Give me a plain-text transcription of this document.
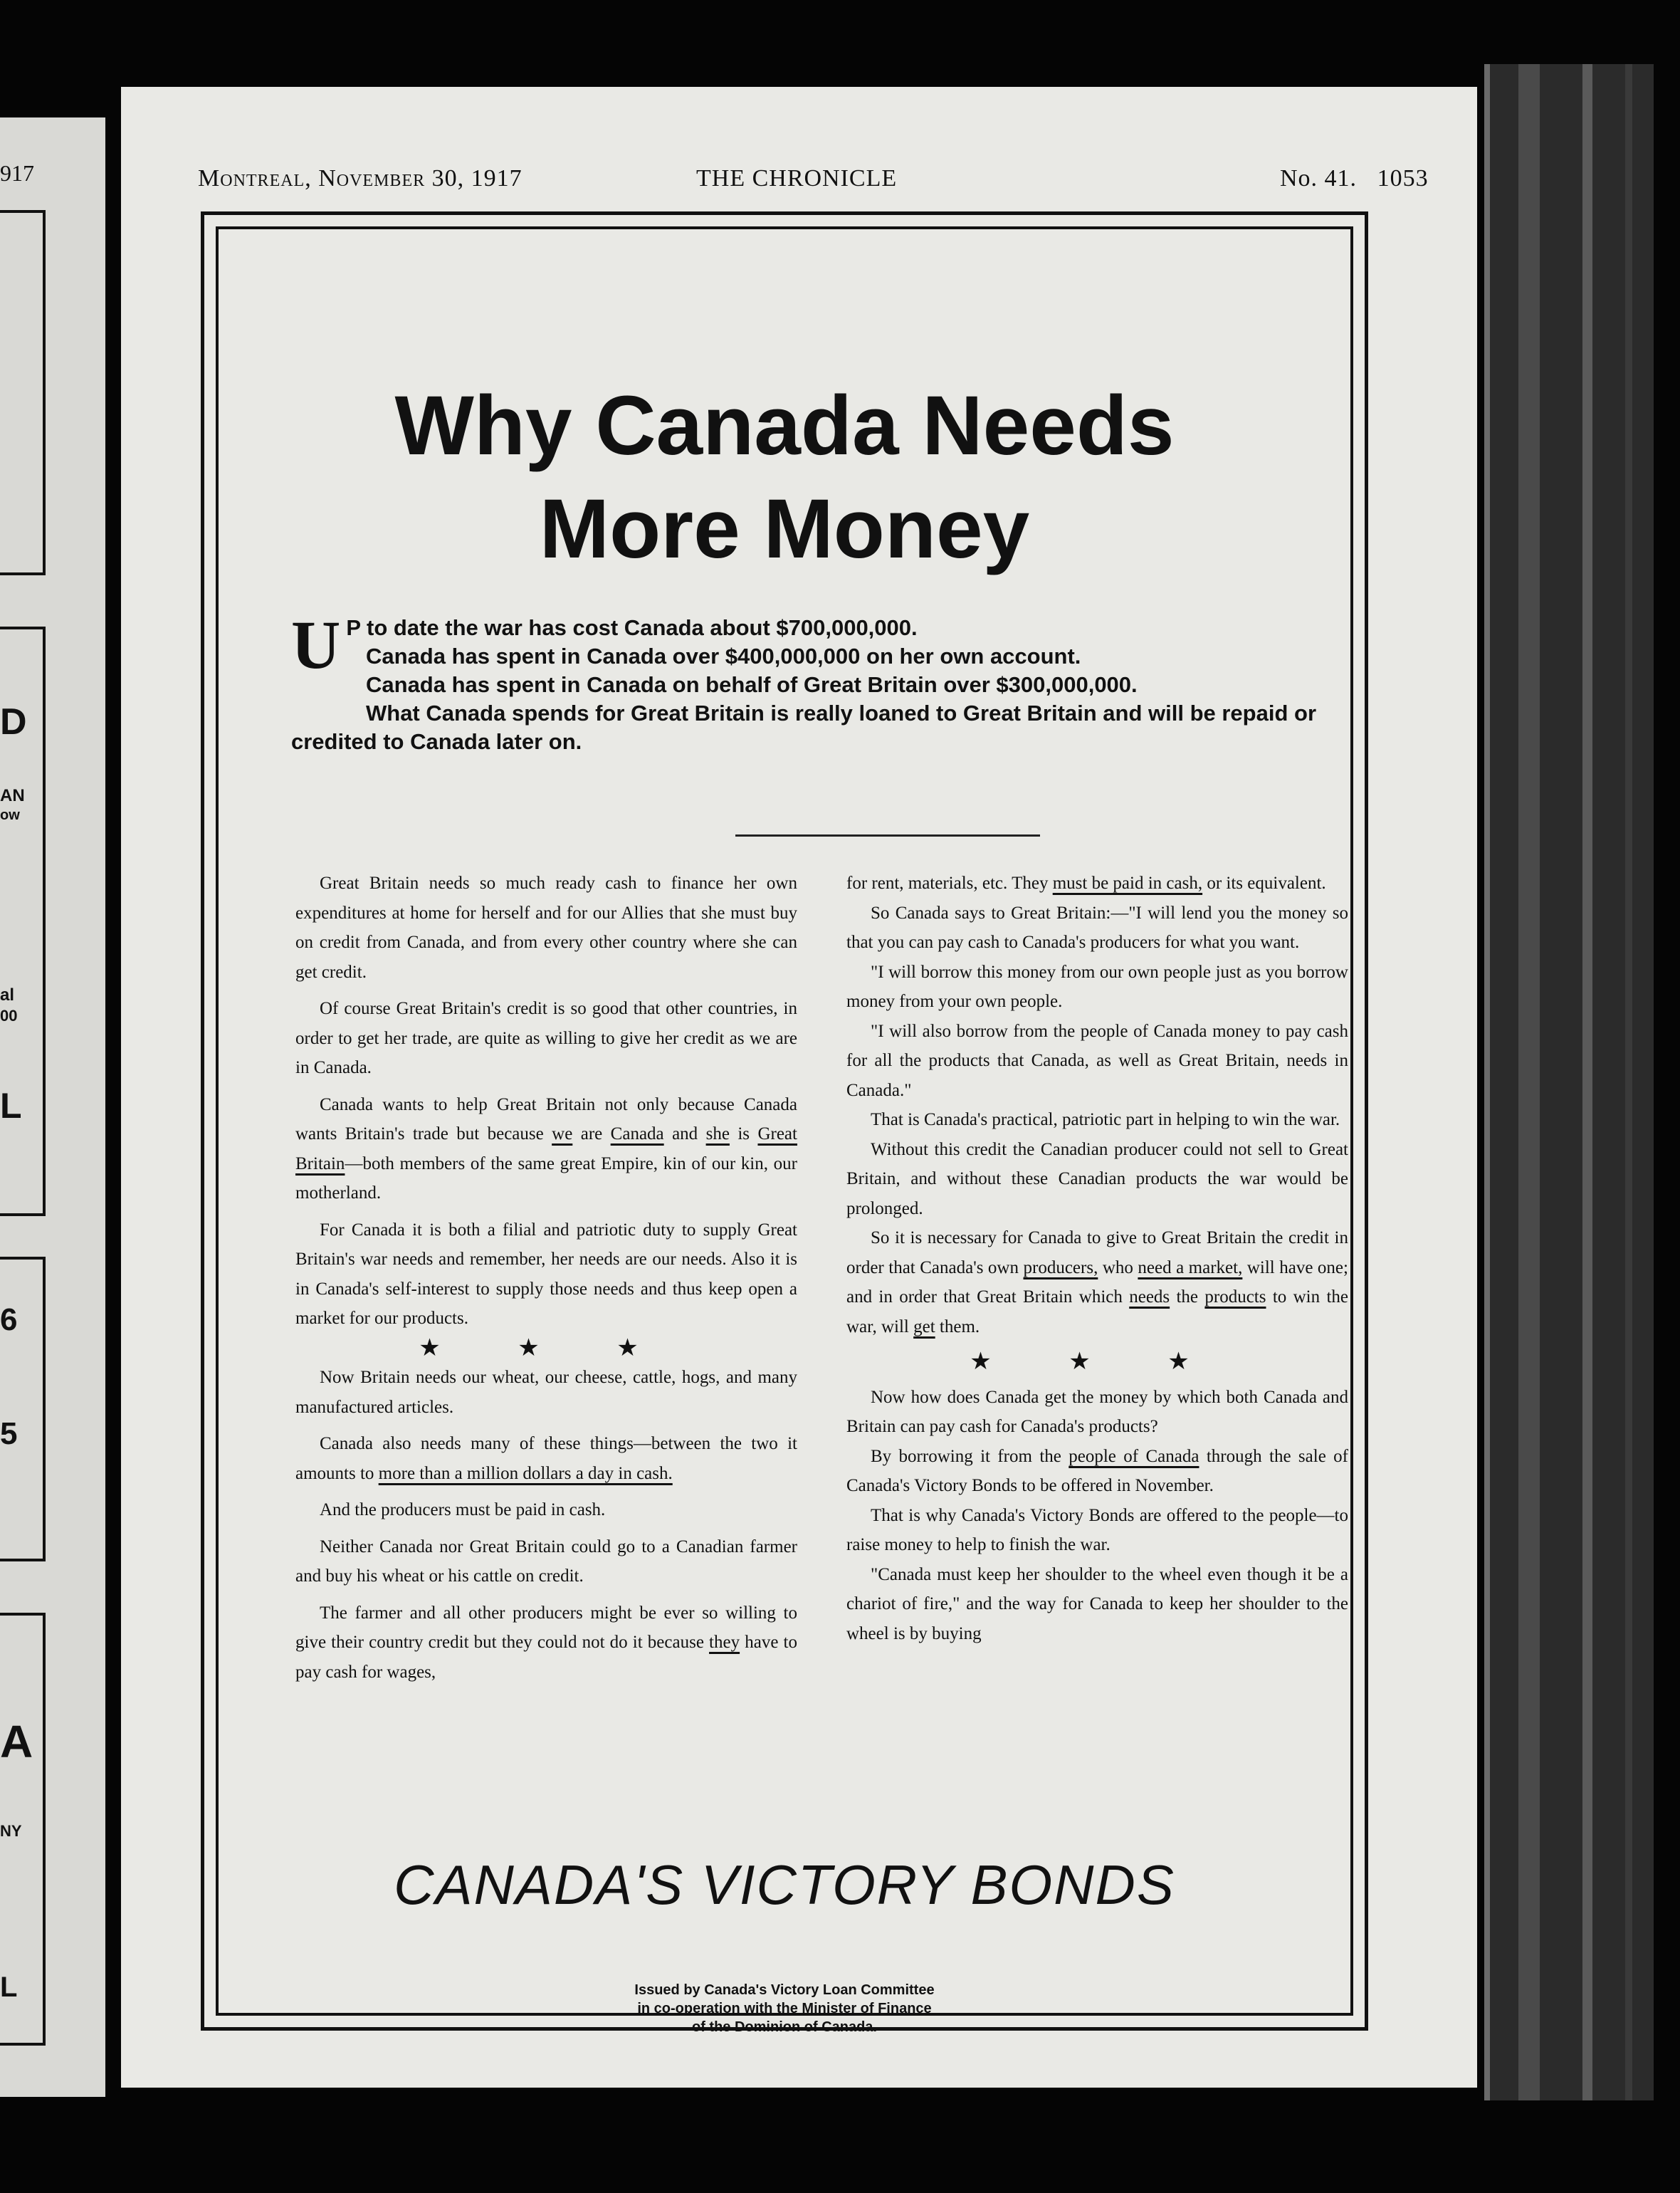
917
D
AN
ow
al
00
L
6
5
A
NY
L
Montreal, November 30, 1917	THE CHRONICLE	No. 41. 1053
Why Canada Needs
More Money
U P to date the war has cost Canada about $700,000,000.

Canada has spent in Canada over $400,000,000 on her own account.

Canada has spent in Canada on behalf of Great Britain over $300,000,000.

What Canada spends for Great Britain is really loaned to Great Britain and will be repaid or credited to Canada later on.

Great Britain needs so much ready cash to finance her own expenditures at home for herself and for our Allies that she must buy on credit from Canada, and from every other country where she can get credit.

Of course Great Britain's credit is so good that other countries, in order to get her trade, are quite as willing to give her credit as we are in Canada.

Canada wants to help Great Britain not only because Canada wants Britain's trade but because we are Canada and she is Great Britain—both members of the same great Empire, kin of our kin, our motherland.

For Canada it is both a filial and patriotic duty to supply Great Britain's war needs and remember, her needs are our needs. Also it is in Canada's self-interest to supply those needs and thus keep open a market for our products.

★ ★ ★

Now Britain needs our wheat, our cheese, cattle, hogs, and many manufactured articles.

Canada also needs many of these things—between the two it amounts to more than a million dollars a day in cash.

And the producers must be paid in cash.

Neither Canada nor Great Britain could go to a Canadian farmer and buy his wheat or his cattle on credit.

The farmer and all other producers might be ever so willing to give their country credit but they could not do it because they have to pay cash for wages,

for rent, materials, etc. They must be paid in cash, or its equivalent.

So Canada says to Great Britain:—"I will lend you the money so that you can pay cash to Canada's producers for what you want.

"I will borrow this money from our own people just as you borrow money from your own people.

"I will also borrow from the people of Canada money to pay cash for all the products that Canada, as well as Great Britain, needs in Canada."

That is Canada's practical, patriotic part in helping to win the war.

Without this credit the Canadian producer could not sell to Great Britain, and without these Canadian products the war would be prolonged.

So it is necessary for Canada to give to Great Britain the credit in order that Canada's own producers, who need a market, will have one; and in order that Great Britain which needs the products to win the war, will get them.

★ ★ ★

Now how does Canada get the money by which both Canada and Britain can pay cash for Canada's products?

By borrowing it from the people of Canada through the sale of Canada's Victory Bonds to be offered in November.

That is why Canada's Victory Bonds are offered to the people—to raise money to help to finish the war.

"Canada must keep her shoulder to the wheel even though it be a chariot of fire," and the way for Canada to keep her shoulder to the wheel is by buying

CANADA'S VICTORY BONDS
Issued by Canada's Victory Loan Committee
in co-operation with the Minister of Finance
of the Dominion of Canada.
